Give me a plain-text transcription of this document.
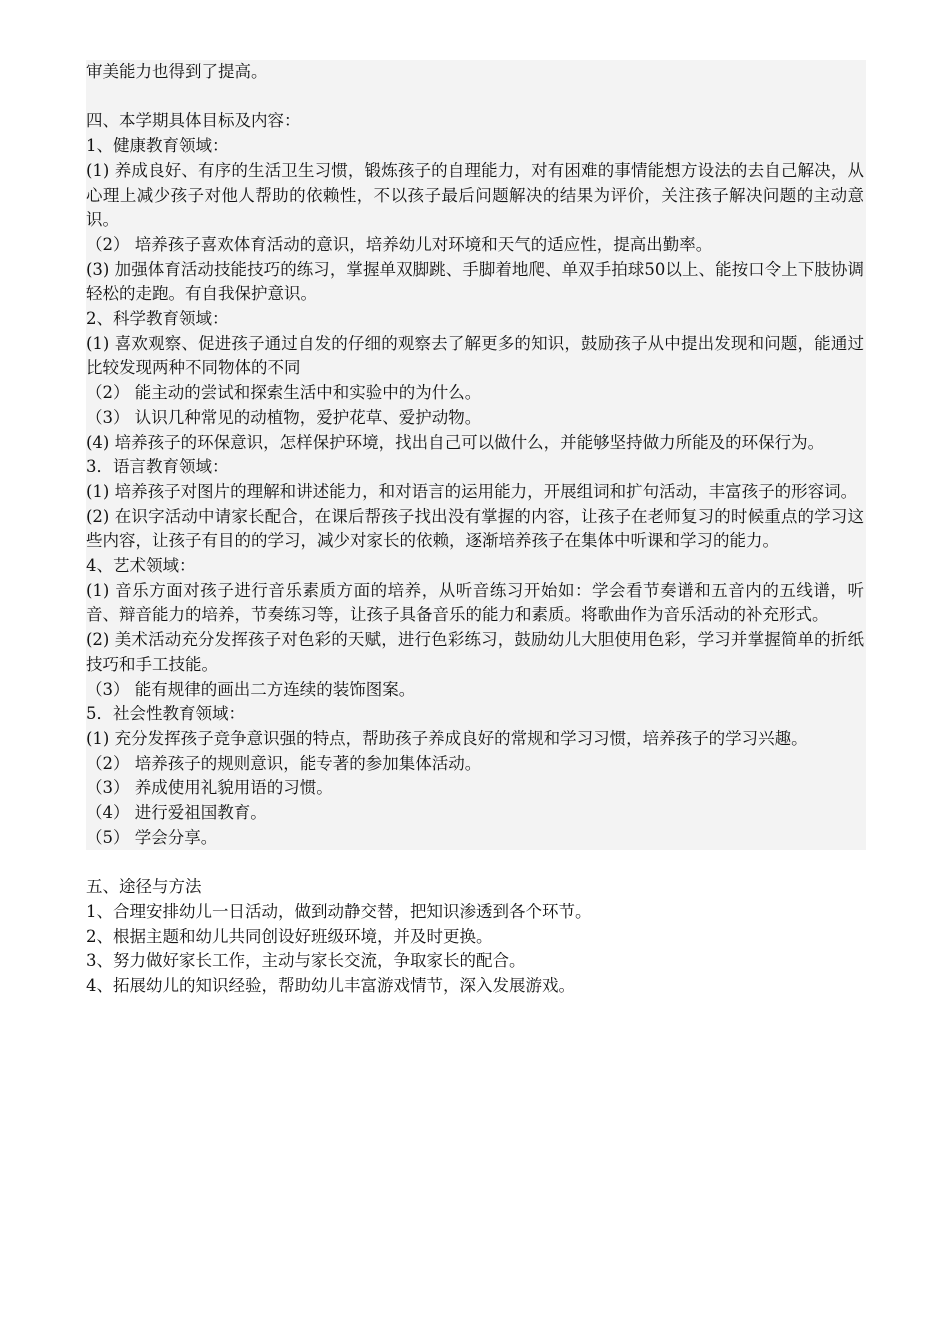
审美能力也得到了提高。

四、本学期具体目标及内容：

1、健康教育领域：

(1) 养成良好、有序的生活卫生习惯，锻炼孩子的自理能力，对有困难的事情能想方设法的去自己解决，从心理上减少孩子对他人帮助的依赖性，不以孩子最后问题解决的结果为评价，关注孩子解决问题的主动意识。

（2） 培养孩子喜欢体育活动的意识，培养幼儿对环境和天气的适应性，提高出勤率。

(3) 加强体育活动技能技巧的练习，掌握单双脚跳、手脚着地爬、单双手拍球50以上、能按口令上下肢协调轻松的走跑。有自我保护意识。

2、科学教育领域：

(1) 喜欢观察、促进孩子通过自发的仔细的观察去了解更多的知识，鼓励孩子从中提出发现和问题，能通过比较发现两种不同物体的不同

（2） 能主动的尝试和探索生活中和实验中的为什么。

（3） 认识几种常见的动植物，爱护花草、爱护动物。

(4) 培养孩子的环保意识，怎样保护环境，找出自己可以做什么，并能够坚持做力所能及的环保行为。

3．语言教育领域：

(1) 培养孩子对图片的理解和讲述能力，和对语言的运用能力，开展组词和扩句活动，丰富孩子的形容词。

(2) 在识字活动中请家长配合，在课后帮孩子找出没有掌握的内容，让孩子在老师复习的时候重点的学习这些内容，让孩子有目的的学习，减少对家长的依赖，逐渐培养孩子在集体中听课和学习的能力。

4、艺术领域：

(1) 音乐方面对孩子进行音乐素质方面的培养，从听音练习开始如：学会看节奏谱和五音内的五线谱，听音、辩音能力的培养，节奏练习等，让孩子具备音乐的能力和素质。将歌曲作为音乐活动的补充形式。

(2) 美术活动充分发挥孩子对色彩的天赋，进行色彩练习，鼓励幼儿大胆使用色彩，学习并掌握简单的折纸技巧和手工技能。

（3） 能有规律的画出二方连续的装饰图案。

5．社会性教育领域：

(1) 充分发挥孩子竞争意识强的特点，帮助孩子养成良好的常规和学习习惯，培养孩子的学习兴趣。

（2） 培养孩子的规则意识，能专著的参加集体活动。

（3） 养成使用礼貌用语的习惯。

（4） 进行爱祖国教育。

（5） 学会分享。

五、途径与方法

1、合理安排幼儿一日活动，做到动静交替，把知识渗透到各个环节。

2、根据主题和幼儿共同创设好班级环境，并及时更换。

3、努力做好家长工作，主动与家长交流，争取家长的配合。

4、拓展幼儿的知识经验，帮助幼儿丰富游戏情节，深入发展游戏。
